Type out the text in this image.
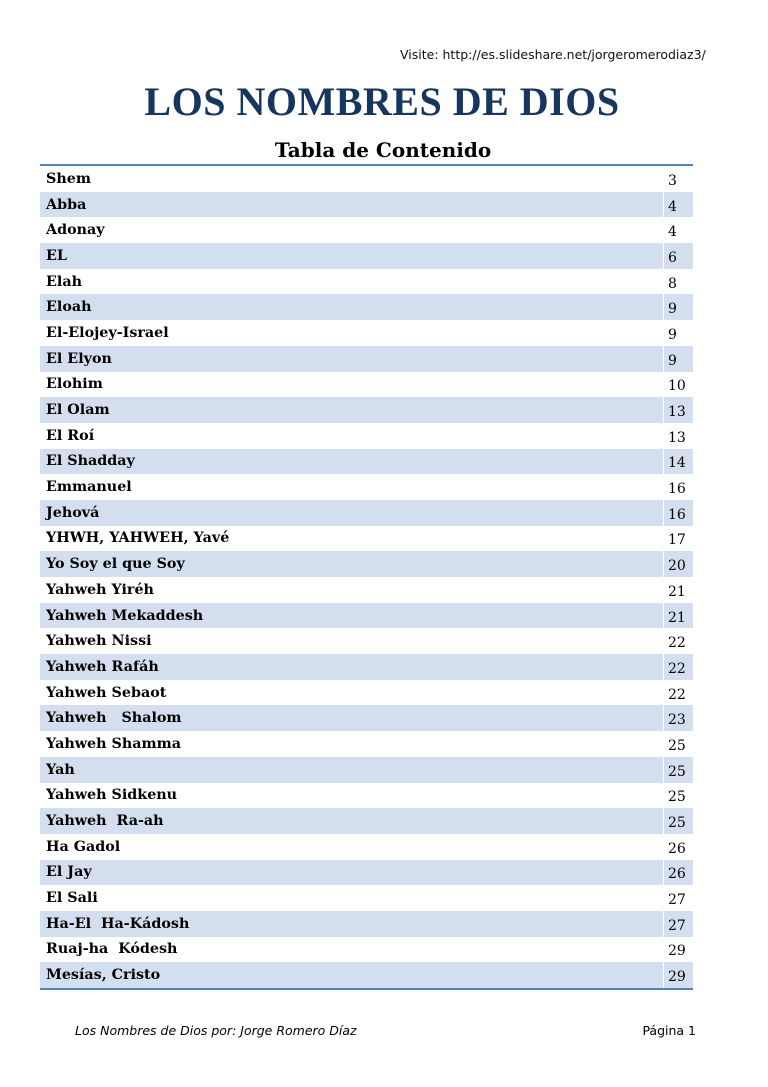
Visite: http://es.slideshare.net/jorgeromerodiaz3/
LOS NOMBRES DE DIOS
Tabla de Contenido
Shem	3
Abba	4
Adonay	4
EL	6
Elah	8
Eloah	9
El-Elojey-Israel	9
El Elyon	9
Elohim	10
El Olam	13
El Roí	13
El Shadday	14
Emmanuel	16
Jehová	16
YHWH, YAHWEH, Yavé	17
Yo Soy el que Soy	20
Yahweh Yiréh	21
Yahweh Mekaddesh	21
Yahweh Nissi	22
Yahweh Rafáh	22
Yahweh Sebaot	22
Yahweh   Shalom	23
Yahweh Shamma	25
Yah	25
Yahweh Sidkenu	25
Yahweh  Ra-ah	25
Ha Gadol	26
El Jay	26
El Sali	27
Ha-El  Ha-Kádosh	27
Ruaj-ha  Kódesh	29
Mesías, Cristo	29
Los Nombres de Dios por: Jorge Romero Díaz	Página 1
